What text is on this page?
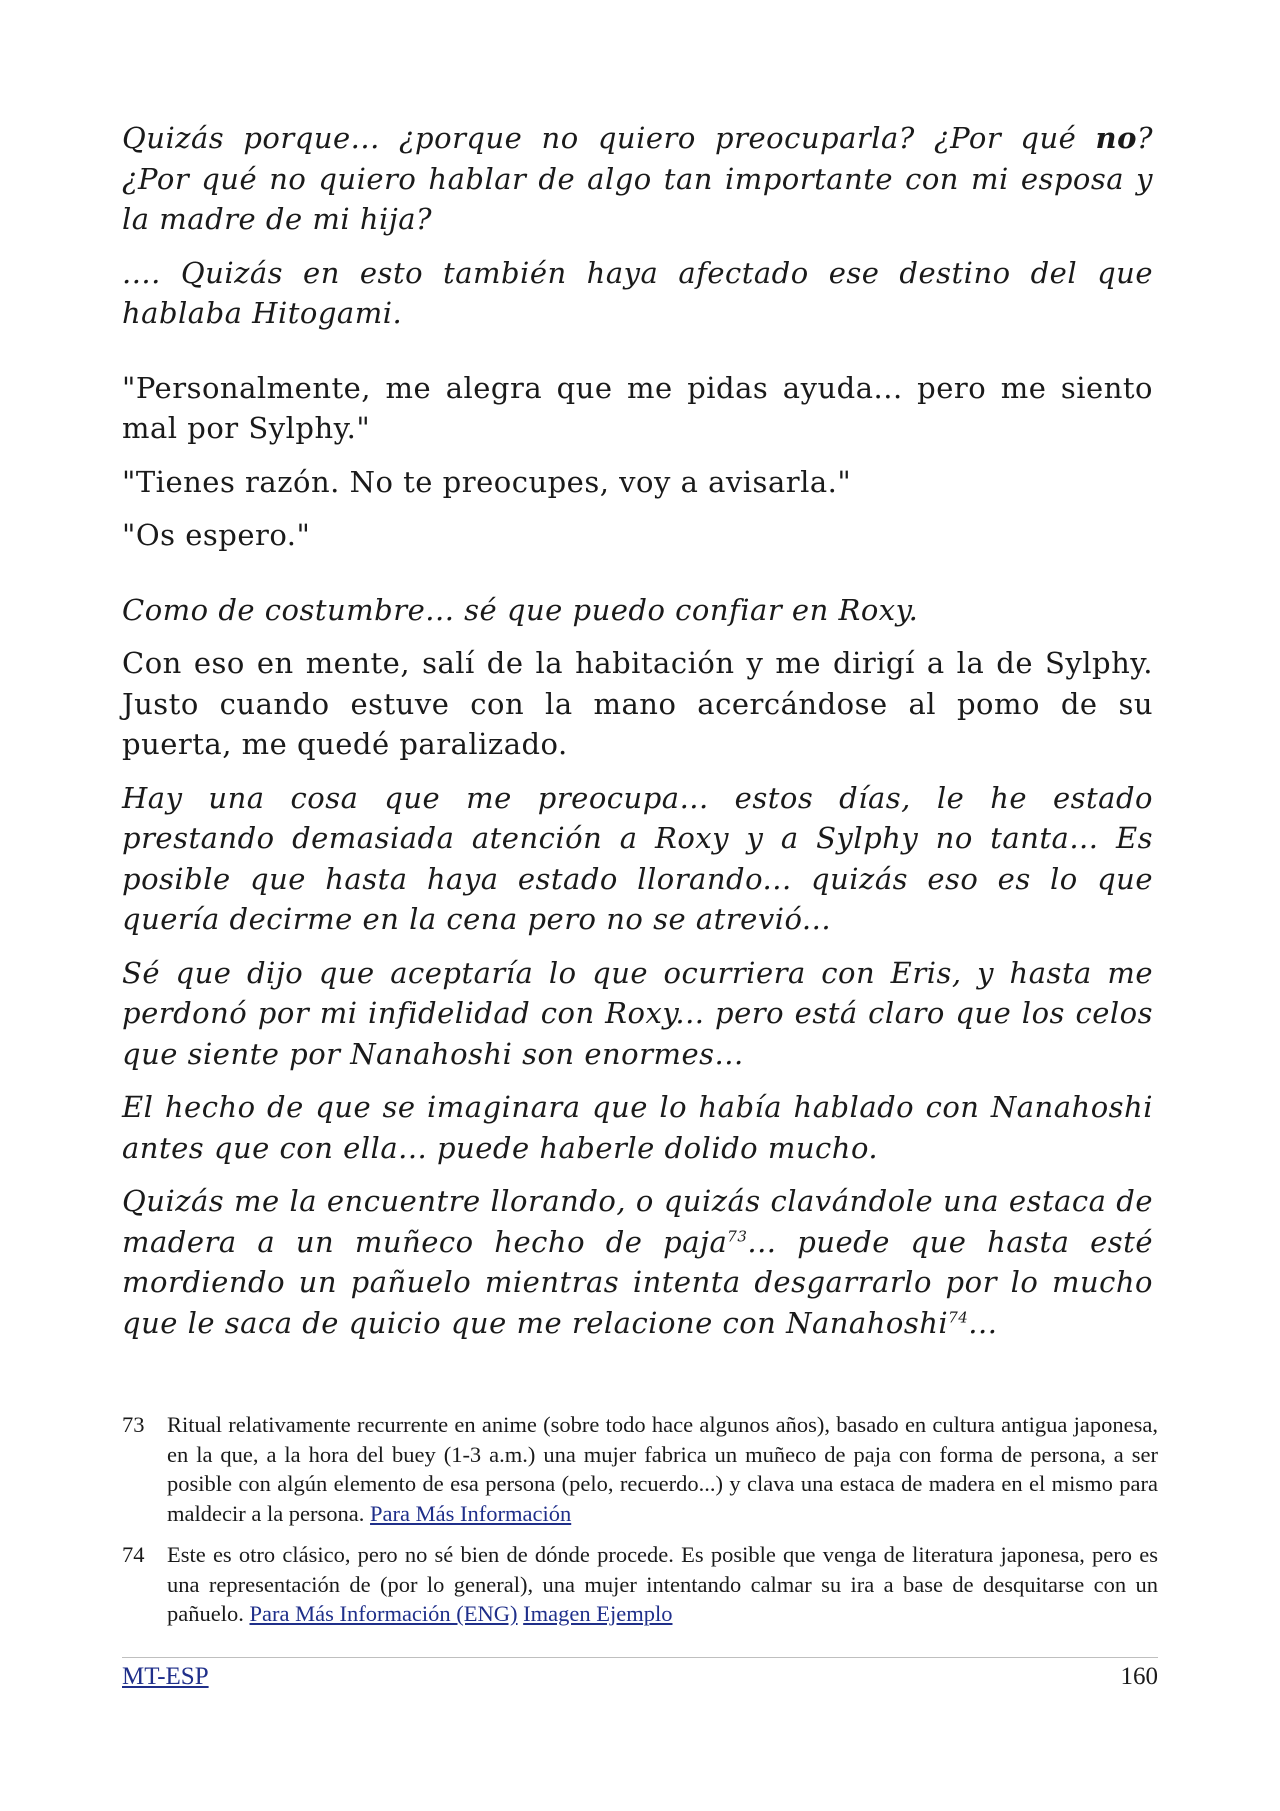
Quizás porque... ¿porque no quiero preocuparla? ¿Por qué no? ¿Por qué no quiero hablar de algo tan importante con mi esposa y la madre de mi hija?

.... Quizás en esto también haya afectado ese destino del que hablaba Hitogami.

"Personalmente, me alegra que me pidas ayuda... pero me siento mal por Sylphy."

"Tienes razón. No te preocupes, voy a avisarla."

"Os espero."

Como de costumbre... sé que puedo confiar en Roxy.

Con eso en mente, salí de la habitación y me dirigí a la de Sylphy. Justo cuando estuve con la mano acercándose al pomo de su puerta, me quedé paralizado.

Hay una cosa que me preocupa... estos días, le he estado prestando demasiada atención a Roxy y a Sylphy no tanta... Es posible que hasta haya estado llorando... quizás eso es lo que quería decirme en la cena pero no se atrevió...

Sé que dijo que aceptaría lo que ocurriera con Eris, y hasta me perdonó por mi infidelidad con Roxy... pero está claro que los celos que siente por Nanahoshi son enormes...

El hecho de que se imaginara que lo había hablado con Nanahoshi antes que con ella... puede haberle dolido mucho.

Quizás me la encuentre llorando, o quizás clavándole una estaca de madera a un muñeco hecho de paja$^{73}$... puede que hasta esté mordiendo un pañuelo mientras intenta desgarrarlo por lo mucho que le saca de quicio que me relacione con Nanahoshi$^{74}$...

73	Ritual relativamente recurrente en anime (sobre todo hace algunos años), basado en cultura antigua japonesa, en la que, a la hora del buey (1-3 a.m.) una mujer fabrica un muñeco de paja con forma de persona, a ser posible con algún elemento de esa persona (pelo, recuerdo...) y clava una estaca de madera en el mismo para maldecir a la persona. Para Más Información
74	Este es otro clásico, pero no sé bien de dónde procede. Es posible que venga de literatura japonesa, pero es una representación de (por lo general), una mujer intentando calmar su ira a base de desquitarse con un pañuelo. Para Más Información (ENG) Imagen Ejemplo
MT-ESP	160
